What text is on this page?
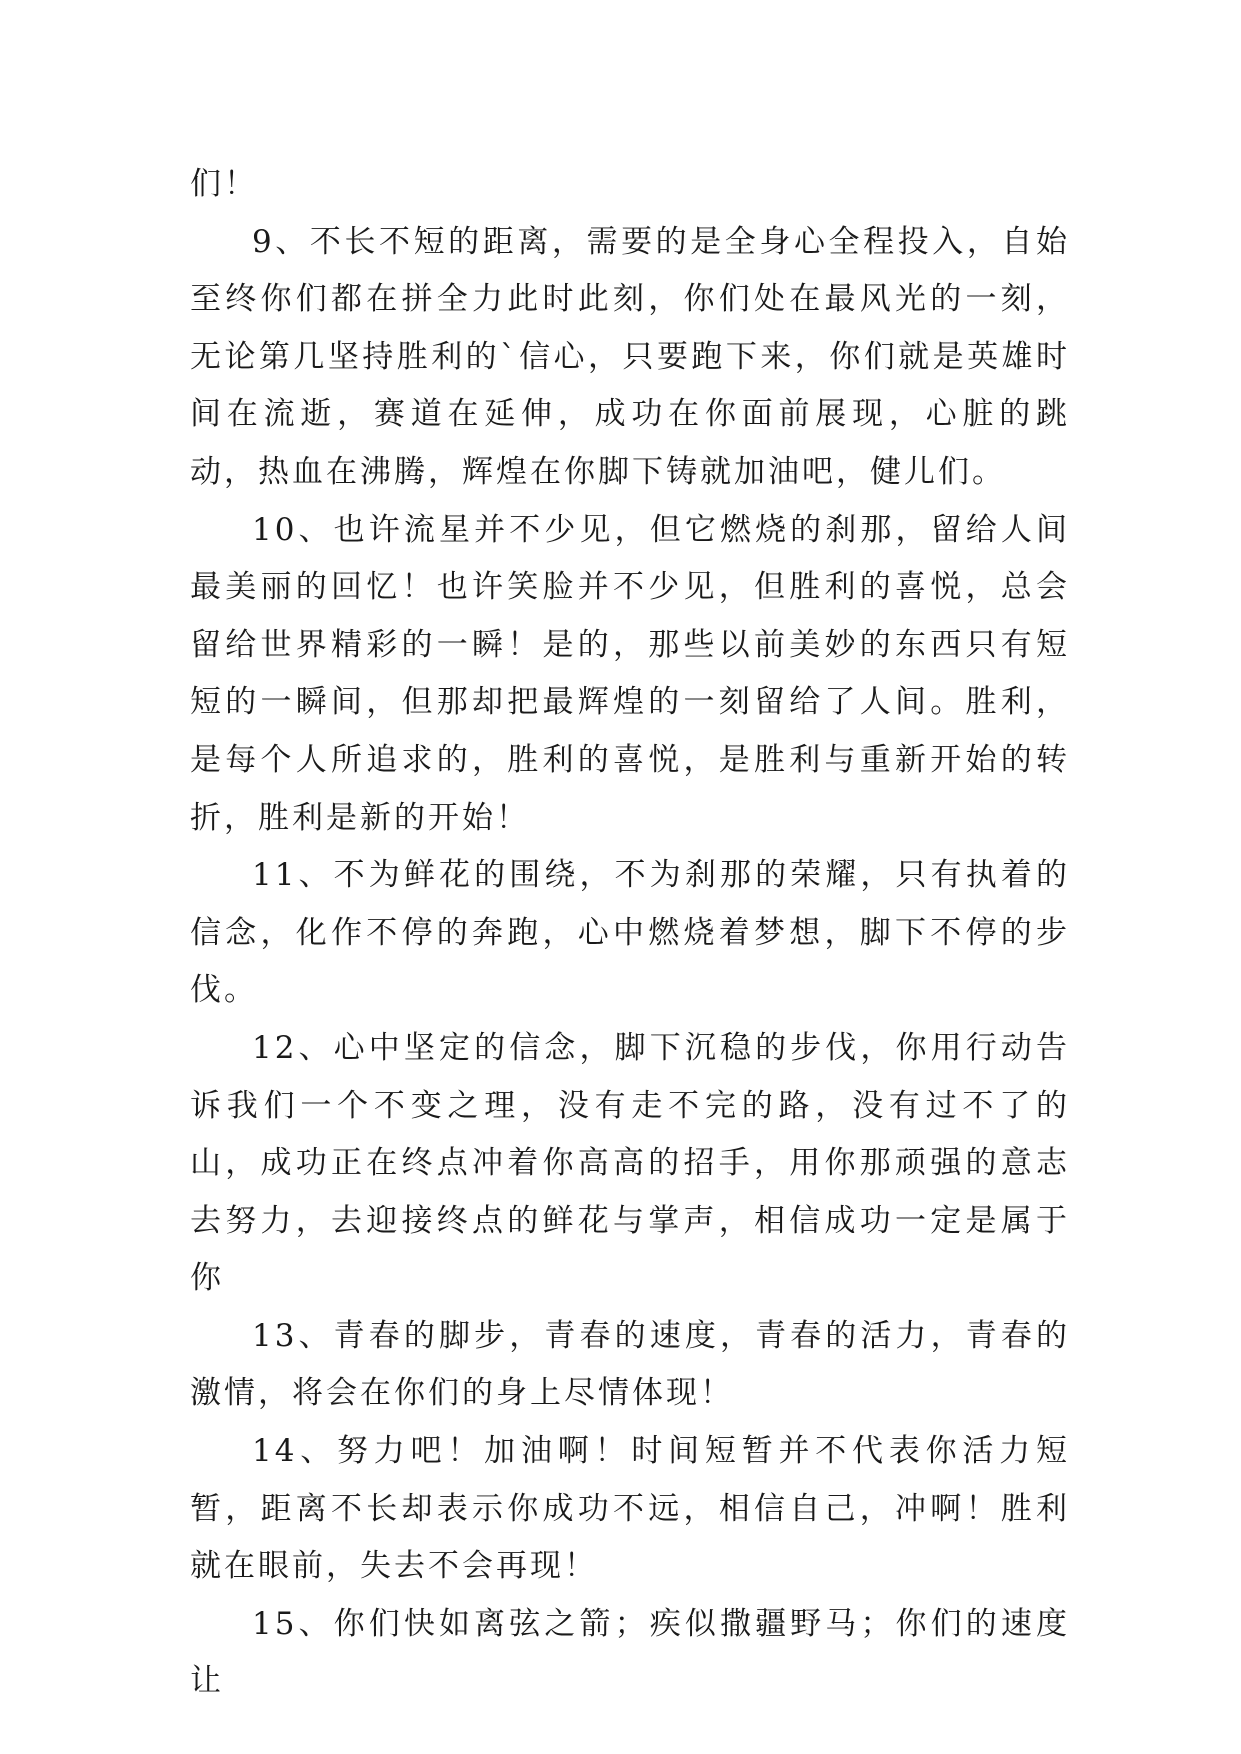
们！

9、不长不短的距离，需要的是全身心全程投入，自始至终你们都在拼全力此时此刻，你们处在最风光的一刻，无论第几坚持胜利的`信心，只要跑下来，你们就是英雄时间在流逝，赛道在延伸，成功在你面前展现，心脏的跳动，热血在沸腾，辉煌在你脚下铸就加油吧，健儿们。

10、也许流星并不少见，但它燃烧的刹那，留给人间最美丽的回忆！也许笑脸并不少见，但胜利的喜悦，总会留给世界精彩的一瞬！是的，那些以前美妙的东西只有短短的一瞬间，但那却把最辉煌的一刻留给了人间。胜利，是每个人所追求的，胜利的喜悦，是胜利与重新开始的转折，胜利是新的开始！

11、不为鲜花的围绕，不为刹那的荣耀，只有执着的信念，化作不停的奔跑，心中燃烧着梦想，脚下不停的步伐。

12、心中坚定的信念，脚下沉稳的步伐，你用行动告诉我们一个不变之理，没有走不完的路，没有过不了的山，成功正在终点冲着你高高的招手，用你那顽强的意志去努力，去迎接终点的鲜花与掌声，相信成功一定是属于你

13、青春的脚步，青春的速度，青春的活力，青春的激情，将会在你们的身上尽情体现！

14、努力吧！加油啊！时间短暂并不代表你活力短暂，距离不长却表示你成功不远，相信自己，冲啊！胜利就在眼前，失去不会再现！

15、你们快如离弦之箭；疾似撒疆野马；你们的速度让
